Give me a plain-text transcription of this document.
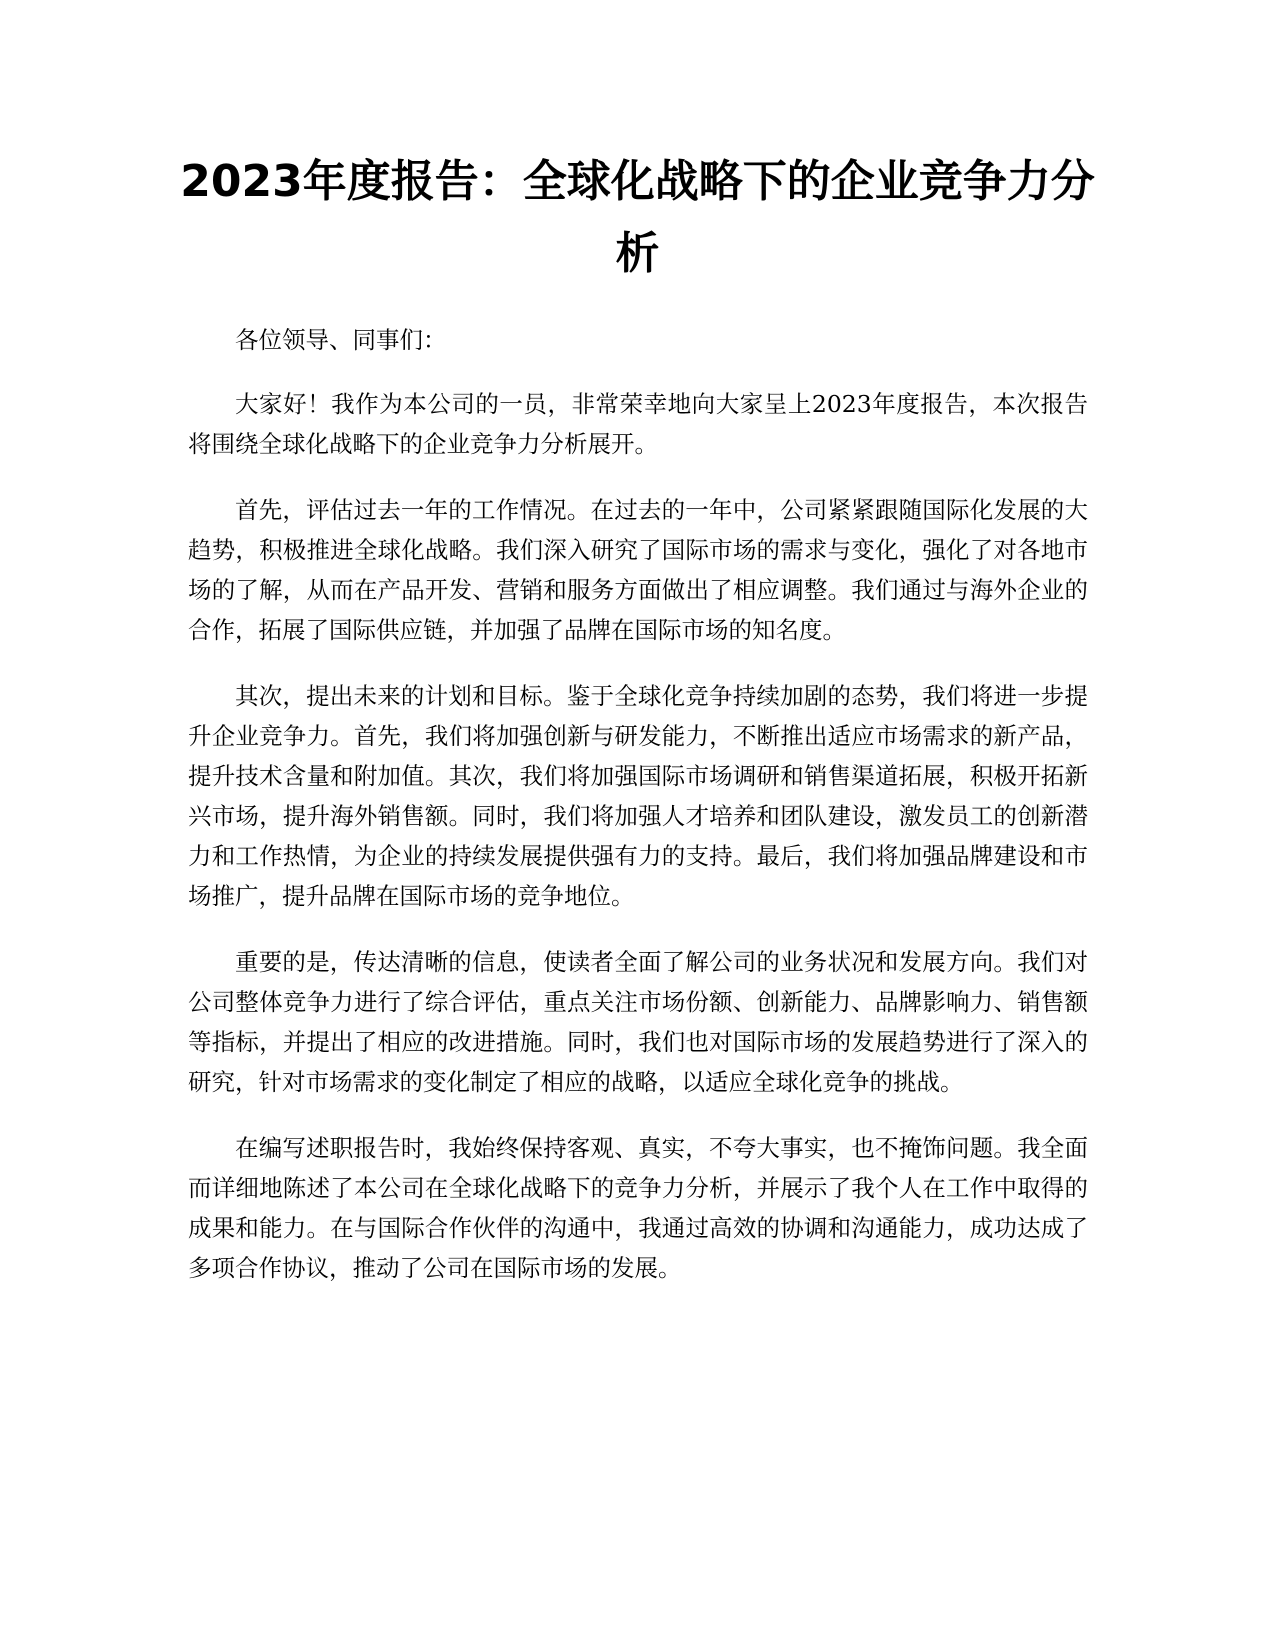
2023年度报告：全球化战略下的企业竞争力分析

各位领导、同事们：

大家好！我作为本公司的一员，非常荣幸地向大家呈上2023年度报告，本次报告将围绕全球化战略下的企业竞争力分析展开。

首先，评估过去一年的工作情况。在过去的一年中，公司紧紧跟随国际化发展的大趋势，积极推进全球化战略。我们深入研究了国际市场的需求与变化，强化了对各地市场的了解，从而在产品开发、营销和服务方面做出了相应调整。我们通过与海外企业的合作，拓展了国际供应链，并加强了品牌在国际市场的知名度。

其次，提出未来的计划和目标。鉴于全球化竞争持续加剧的态势，我们将进一步提升企业竞争力。首先，我们将加强创新与研发能力，不断推出适应市场需求的新产品，提升技术含量和附加值。其次，我们将加强国际市场调研和销售渠道拓展，积极开拓新兴市场，提升海外销售额。同时，我们将加强人才培养和团队建设，激发员工的创新潜力和工作热情，为企业的持续发展提供强有力的支持。最后，我们将加强品牌建设和市场推广，提升品牌在国际市场的竞争地位。

重要的是，传达清晰的信息，使读者全面了解公司的业务状况和发展方向。我们对公司整体竞争力进行了综合评估，重点关注市场份额、创新能力、品牌影响力、销售额等指标，并提出了相应的改进措施。同时，我们也对国际市场的发展趋势进行了深入的研究，针对市场需求的变化制定了相应的战略，以适应全球化竞争的挑战。

在编写述职报告时，我始终保持客观、真实，不夸大事实，也不掩饰问题。我全面而详细地陈述了本公司在全球化战略下的竞争力分析，并展示了我个人在工作中取得的成果和能力。在与国际合作伙伴的沟通中，我通过高效的协调和沟通能力，成功达成了多项合作协议，推动了公司在国际市场的发展。
